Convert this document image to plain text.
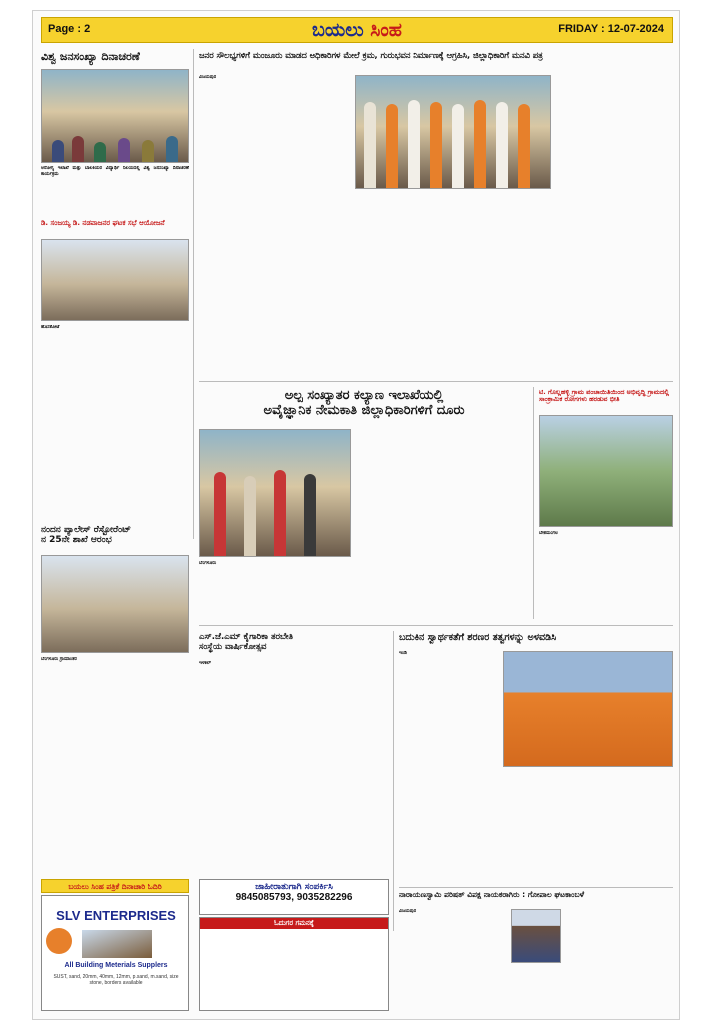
Page : 2	ಬಯಲು ಸಿಂಹ	FRIDAY : 12-07-2024
ವಿಶ್ವ ಜನಸಂಖ್ಯಾ ದಿನಾಚರಣೆ
ಆರೋಗ್ಯ ಇಲಾಖೆ ಮತ್ತು ಬಾಲಕಿಯರ ವಿದ್ಯಾರ್ಥಿ ನಿಲಯದಲ್ಲಿ ವಿಶ್ವ ಜನಸಂಖ್ಯಾ ದಿನಾಚರಣೆ ಕಾರ್ಯಕ್ರಮ
ಡಿ. ಸಂಜಯ್ಯ ಡಿ. ನಡವಾಜನರ ಘಟಕ ಸಭೆ ಆಯೋಜನೆ
ಹೊಸಕೋಟೆ
ಜನರ ಸೌಲಭ್ಯಗಳಿಗೆ ಮಂಜೂರು ಮಾಡದ ಅಧಿಕಾರಿಗಳ ಮೇಲೆ ಕ್ರಮ, ಗುರುಭವನ ನಿರ್ಮಾಣಕ್ಕೆ ಆಗ್ರಹಿಸಿ, ಜಿಲ್ಲಾಧಿಕಾರಿಗೆ ಮನವಿ ಪತ್ರ
ವಿಜಯಪುರ
ಅಲ್ಪ ಸಂಖ್ಯಾತರ ಕಲ್ಯಾಣ ಇಲಾಖೆಯಲ್ಲಿ
ಅವೈಜ್ಞಾನಿಕ ನೇಮಕಾತಿ ಜಿಲ್ಲಾಧಿಕಾರಿಗಳಿಗೆ ದೂರು
ಬೆಂಗಳೂರು
ಟಿ. ಗೊಲ್ಲಹಳ್ಳಿ ಗ್ರಾಮ ಪಂಚಾಯಿತಿಯಿಂದ ಅಭಿವೃದ್ಧಿ ಗ್ರಾಮದಲ್ಲಿ ಸಾಂಕ್ರಾಮಿಕ ರೋಗಗಳು ಹರಡುವ ಭೀತಿ
ಬೇತಮಂಗಲ
ನಂದನ ಪ್ಯಾಲೇಸ್ ರೆಸ್ಟೋರೆಂಟ್
ನ 25ನೇ ಶಾಖೆ ಆರಂಭ
ಬೆಂಗಳೂರು ಗ್ರಾಮಾಂತರ
ಎಸ್.ಜೆ.ಎಮ್ ಕೈಗಾರಿಕಾ ತರಬೇತಿ
ಸಂಸ್ಥೆಯ ವಾರ್ಷಿಕೋತ್ಸವ
ಇಳಕಲ್
ಬದುಕಿನ ಸ್ವಾರ್ಥಕತೆಗೆ ಶರಣರ ತತ್ವಗಳನ್ನು ಅಳವಡಿಸಿ
ಇಂಡಿ
ಬಯಲು ಸಿಂಹ ಪತ್ರಿಕೆ ದಿನಾಚಾರಿ ಓದಿರಿ
SLV ENTERPRISES
All Building Meterials Supplers
SUST, sand, 20mm, 40mm, 12mm, p.sand, m.sand, size stone, borders available
ಜಾಹೀರಾತುಗಾಗಿ ಸಂಪರ್ಕಿಸಿ
9845085793, 9035282296
ಓದುಗರ ಗಮನಕ್ಕೆ
ನಾರಾಯಣಸ್ವಾಮಿ ಪರಿಷತ್ ವಿಪಕ್ಷ ನಾಯಕರಾಗಿರು : ಗೋಪಾಲ ಘಟಕಾಂಬಳೆ
ವಿಜಯಪುರ
